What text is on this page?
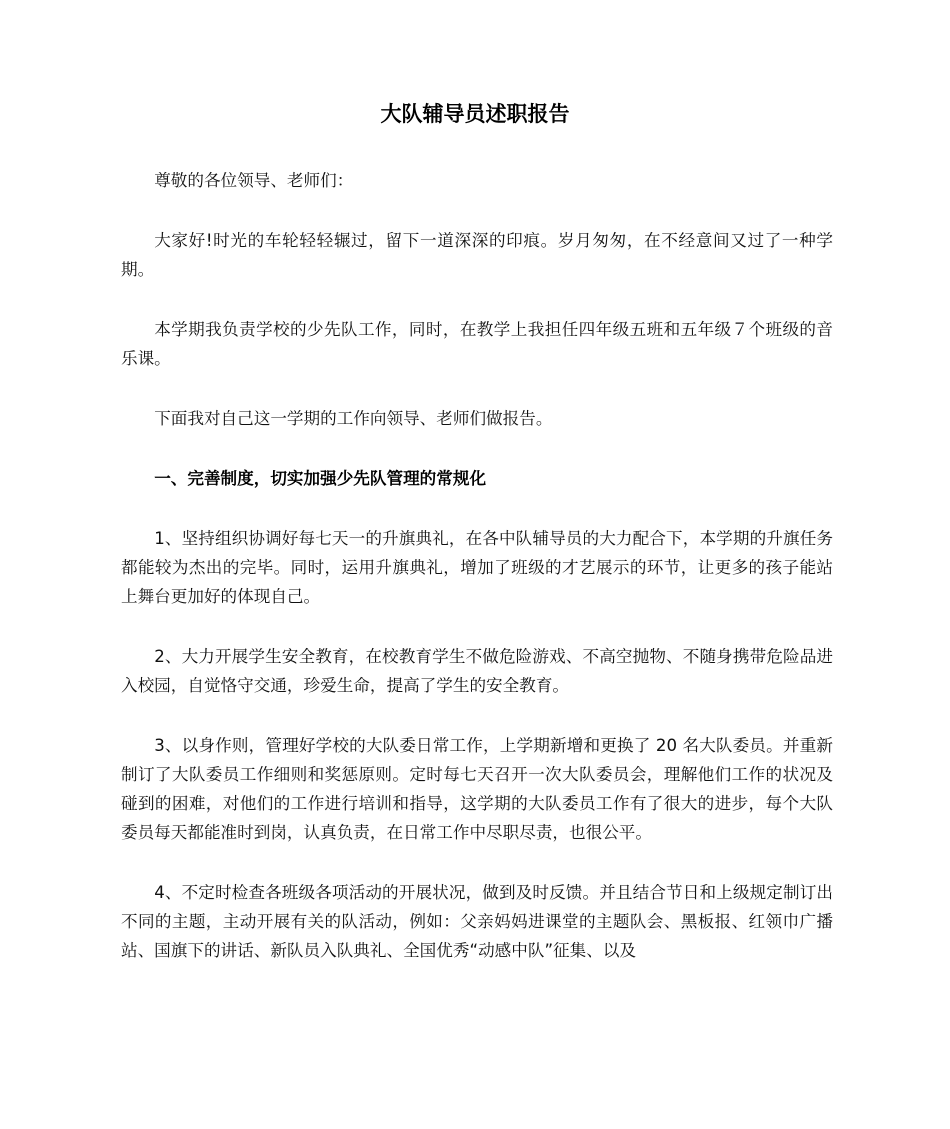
大队辅导员述职报告

尊敬的各位领导、老师们：

大家好!时光的车轮轻轻辗过，留下一道深深的印痕。岁月匆匆，在不经意间又过了一种学期。

本学期我负责学校的少先队工作，同时，在教学上我担任四年级五班和五年级７个班级的音乐课。

下面我对自己这一学期的工作向领导、老师们做报告。

一、完善制度，切实加强少先队管理的常规化

1、坚持组织协调好每七天一的升旗典礼，在各中队辅导员的大力配合下，本学期的升旗任务都能较为杰出的完毕。同时，运用升旗典礼，增加了班级的才艺展示的环节，让更多的孩子能站上舞台更加好的体现自己。

2、大力开展学生安全教育，在校教育学生不做危险游戏、不高空抛物、不随身携带危险品进入校园，自觉恪守交通，珍爱生命，提高了学生的安全教育。

3、以身作则，管理好学校的大队委日常工作，上学期新增和更换了 20 名大队委员。并重新制订了大队委员工作细则和奖惩原则。定时每七天召开一次大队委员会，理解他们工作的状况及碰到的困难，对他们的工作进行培训和指导，这学期的大队委员工作有了很大的进步，每个大队委员每天都能准时到岗，认真负责，在日常工作中尽职尽责，也很公平。

4、不定时检查各班级各项活动的开展状况，做到及时反馈。并且结合节日和上级规定制订出不同的主题，主动开展有关的队活动，例如：父亲妈妈进课堂的主题队会、黑板报、红领巾广播站、国旗下的讲话、新队员入队典礼、全国优秀“动感中队”征集、以及
